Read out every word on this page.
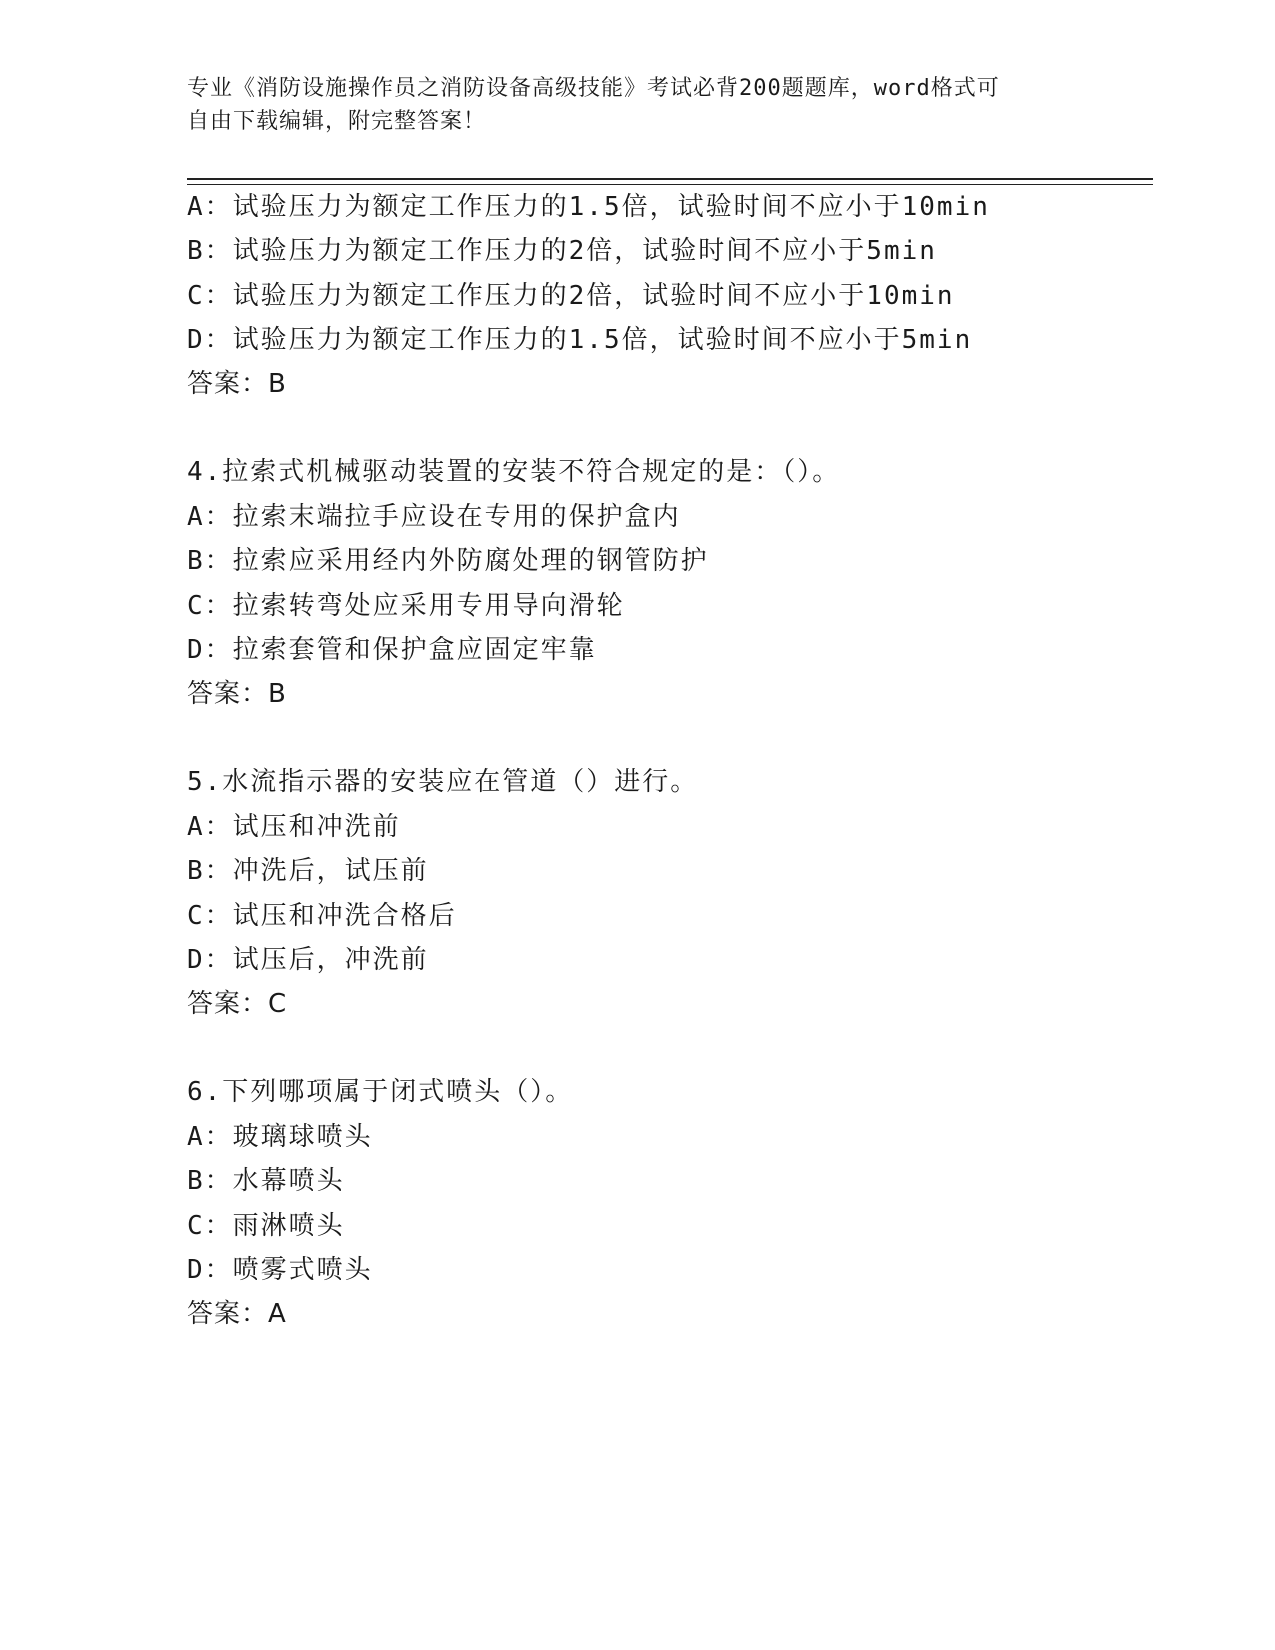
专业《消防设施操作员之消防设备高级技能》考试必背200题题库，word格式可
自由下载编辑，附完整答案！
A：试验压力为额定工作压力的1.5倍，试验时间不应小于10min
B：试验压力为额定工作压力的2倍，试验时间不应小于5min
C：试验压力为额定工作压力的2倍，试验时间不应小于10min
D：试验压力为额定工作压力的1.5倍，试验时间不应小于5min
答案：B
4.拉索式机械驱动装置的安装不符合规定的是：（）。
A：拉索末端拉手应设在专用的保护盒内
B：拉索应采用经内外防腐处理的钢管防护
C：拉索转弯处应采用专用导向滑轮
D：拉索套管和保护盒应固定牢靠
答案：B
5.水流指示器的安装应在管道（）进行。
A：试压和冲洗前
B：冲洗后，试压前
C：试压和冲洗合格后
D：试压后，冲洗前
答案：C
6.下列哪项属于闭式喷头（）。
A：玻璃球喷头
B：水幕喷头
C：雨淋喷头
D：喷雾式喷头
答案：A
